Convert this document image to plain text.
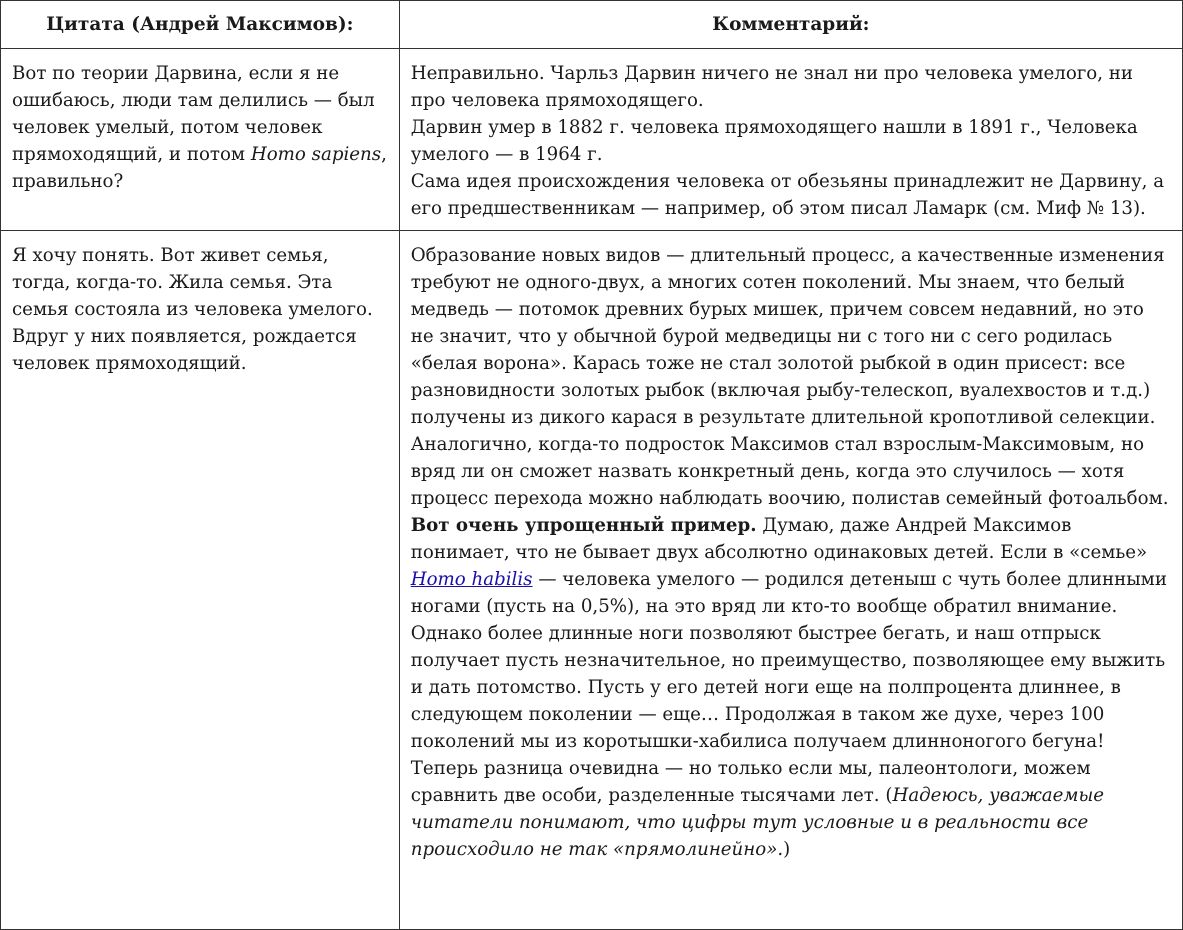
Цитата (Андрей Максимов):	Комментарий:
Вот по теории Дарвина, если я не ошибаюсь, люди там делились — был человек умелый, потом человек прямоходящий, и потом Homo sapiens, правильно?	Неправильно. Чарльз Дарвин ничего не знал ни про человека умелого, ни про человека прямоходящего.
Дарвин умер в 1882 г. человека прямоходящего нашли в 1891 г., Человека умелого — в 1964 г.
Сама идея происхождения человека от обезьяны принадлежит не Дарвину, а его предшественникам — например, об этом писал Ламарк (см. Миф № 13).

Я хочу понять. Вот живет семья, тогда, когда-то. Жила семья. Эта семья состояла из человека умелого. Вдруг у них появляется, рождается человек прямоходящий.	Образование новых видов — длительный процесс, а качественные изменения требуют не одного-двух, а многих сотен поколений. Мы знаем, что белый медведь — потомок древних бурых мишек, причем совсем недавний, но это не значит, что у обычной бурой медведицы ни с того ни с сего родилась «белая ворона». Карась тоже не стал золотой рыбкой в один присест: все разновидности золотых рыбок (включая рыбу-телескоп, вуалехвостов и т.д.) получены из дикого карася в результате длительной кропотливой селекции.
Аналогично, когда-то подросток Максимов стал взрослым-Максимовым, но вряд ли он сможет назвать конкретный день, когда это случилось — хотя процесс перехода можно наблюдать воочию, полистав семейный фотоальбом.
Вот очень упрощенный пример. Думаю, даже Андрей Максимов понимает, что не бывает двух абсолютно одинаковых детей. Если в «семье» Homo habilis — человека умелого — родился детеныш с чуть более длинными ногами (пусть на 0,5%), на это вряд ли кто-то вообще обратил внимание.
Однако более длинные ноги позволяют быстрее бегать, и наш отпрыск получает пусть незначительное, но преимущество, позволяющее ему выжить и дать потомство. Пусть у его детей ноги еще на полпроцента длиннее, в следующем поколении — еще… Продолжая в таком же духе, через 100 поколений мы из коротышки-хабилиса получаем длинноногого бегуна!
Теперь разница очевидна — но только если мы, палеонтологи, можем сравнить две особи, разделенные тысячами лет. (Надеюсь, уважаемые читатели понимают, что цифры тут условные и в реальности все происходило не так «прямолинейно».)
